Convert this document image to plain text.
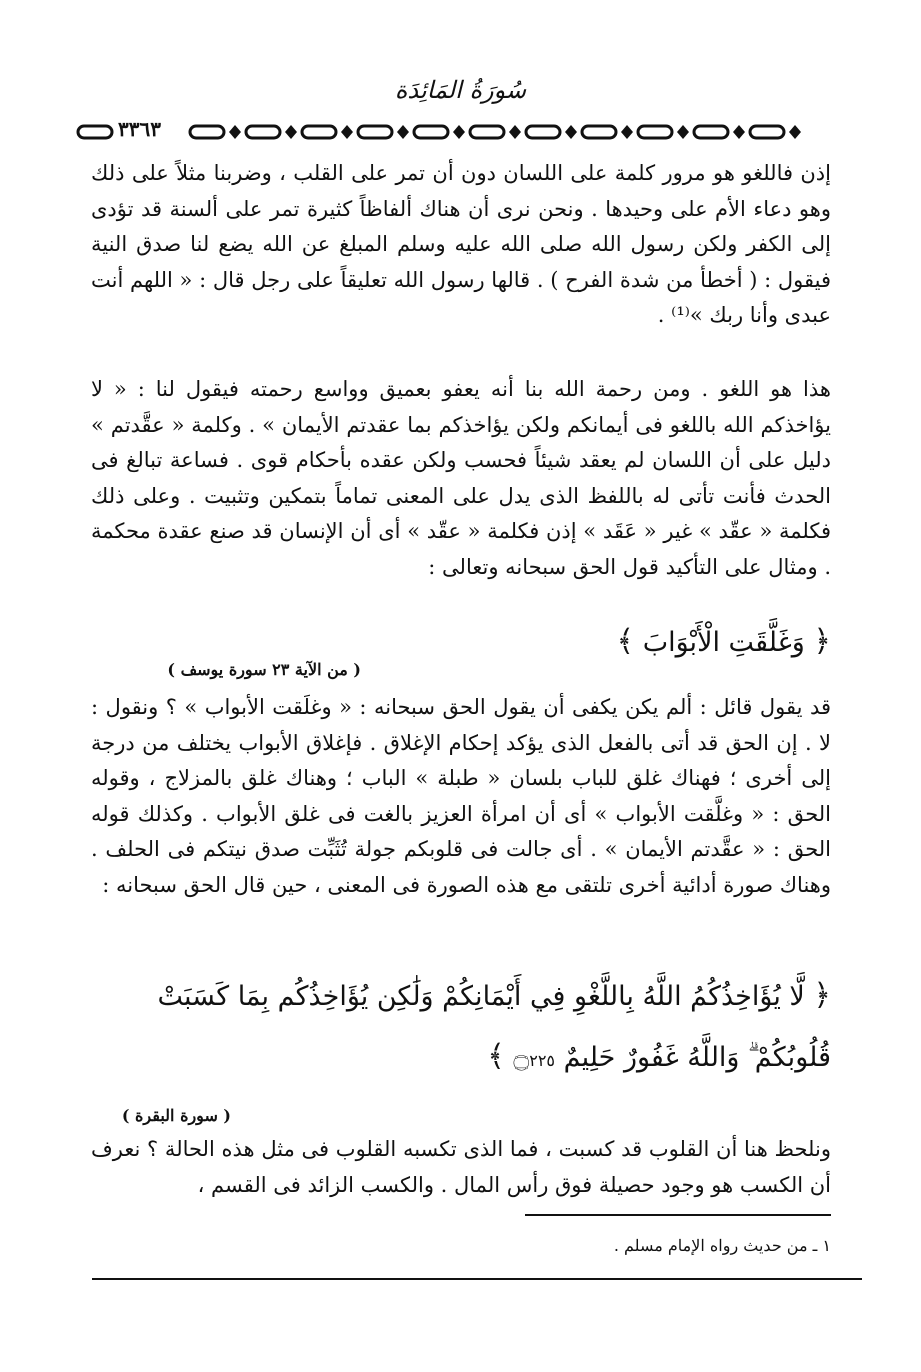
سُورَةُ المَائِدَة
٣٣٦٣

إذن فاللغو هو مرور كلمة على اللسان دون أن تمر على القلب ، وضربنا مثلاً على ذلك وهو دعاء الأم على وحيدها . ونحن نرى أن هناك ألفاظاً كثيرة تمر على ألسنة قد تؤدى إلى الكفر ولكن رسول الله صلى الله عليه وسلم المبلغ عن الله يضع لنا صدق النية فيقول : ( أخطأ من شدة الفرح ) . قالها رسول الله تعليقاً على رجل قال : « اللهم أنت عبدى وأنا ربك »⁽¹⁾ .

هذا هو اللغو . ومن رحمة الله بنا أنه يعفو بعميق وواسع رحمته فيقول لنا : « لا يؤاخذكم الله باللغو فى أيمانكم ولكن يؤاخذكم بما عقدتم الأيمان » . وكلمة « عقَّدتم » دليل على أن اللسان لم يعقد شيئاً فحسب ولكن عقده بأحكام قوى . فساعة تبالغ فى الحدث فأنت تأتى له باللفظ الذى يدل على المعنى تماماً بتمكين وتثبيت . وعلى ذلك فكلمة « عقّد » غير « عَقَد » إذن فكلمة « عقّد » أى أن الإنسان قد صنع عقدة محكمة . ومثال على التأكيد قول الحق سبحانه وتعالى :

﴿ وَغَلَّقَتِ الْأَبْوَابَ ﴾
( من الآية ٢٣ سورة يوسف )

قد يقول قائل : ألم يكن يكفى أن يقول الحق سبحانه : « وغلَقت الأبواب » ؟ ونقول : لا . إن الحق قد أتى بالفعل الذى يؤكد إحكام الإغلاق . فإغلاق الأبواب يختلف من درجة إلى أخرى ؛ فهناك غلق للباب بلسان « طبلة » الباب ؛ وهناك غلق بالمزلاج ، وقوله الحق : « وغلَّقت الأبواب » أى أن امرأة العزيز بالغت فى غلق الأبواب . وكذلك قوله الحق : « عقَّدتم الأيمان » . أى جالت فى قلوبكم جولة تُثَبِّت صدق نيتكم فى الحلف . وهناك صورة أدائية أخرى تلتقى مع هذه الصورة فى المعنى ، حين قال الحق سبحانه :

﴿ لَّا يُؤَاخِذُكُمُ اللَّهُ بِاللَّغْوِ فِي أَيْمَانِكُمْ وَلَٰكِن يُؤَاخِذُكُم بِمَا كَسَبَتْ قُلُوبُكُمْ ۗ وَاللَّهُ غَفُورٌ حَلِيمٌ ۝٢٢٥ ﴾
( سورة البقرة )

ونلحظ هنا أن القلوب قد كسبت ، فما الذى تكسبه القلوب فى مثل هذه الحالة ؟ نعرف أن الكسب هو وجود حصيلة فوق رأس المال . والكسب الزائد فى القسم ،

١ ـ من حديث رواه الإمام مسلم .
